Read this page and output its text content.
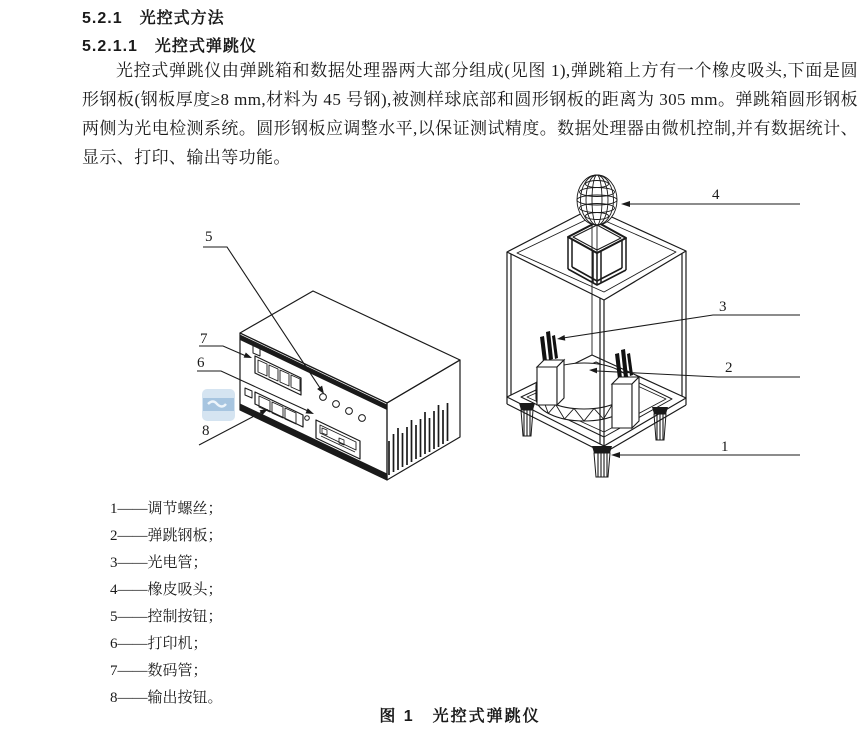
5.2.1　光控式方法
5.2.1.1　光控式弹跳仪

光控式弹跳仪由弹跳箱和数据处理器两大部分组成(见图 1),弹跳箱上方有一个橡皮吸头,下面是圆形钢板(钢板厚度≥8 mm,材料为 45 号钢),被测样球底部和圆形钢板的距离为 305 mm。弹跳箱圆形钢板两侧为光电检测系统。圆形钢板应调整水平,以保证测试精度。数据处理器由微机控制,并有数据统计、显示、打印、输出等功能。

5
7
6
8
4
3
2
1
1——调节螺丝；
2——弹跳钢板；
3——光电管；
4——橡皮吸头；
5——控制按钮；
6——打印机；
7——数码管；
8——输出按钮。
图 1　光控式弹跳仪
